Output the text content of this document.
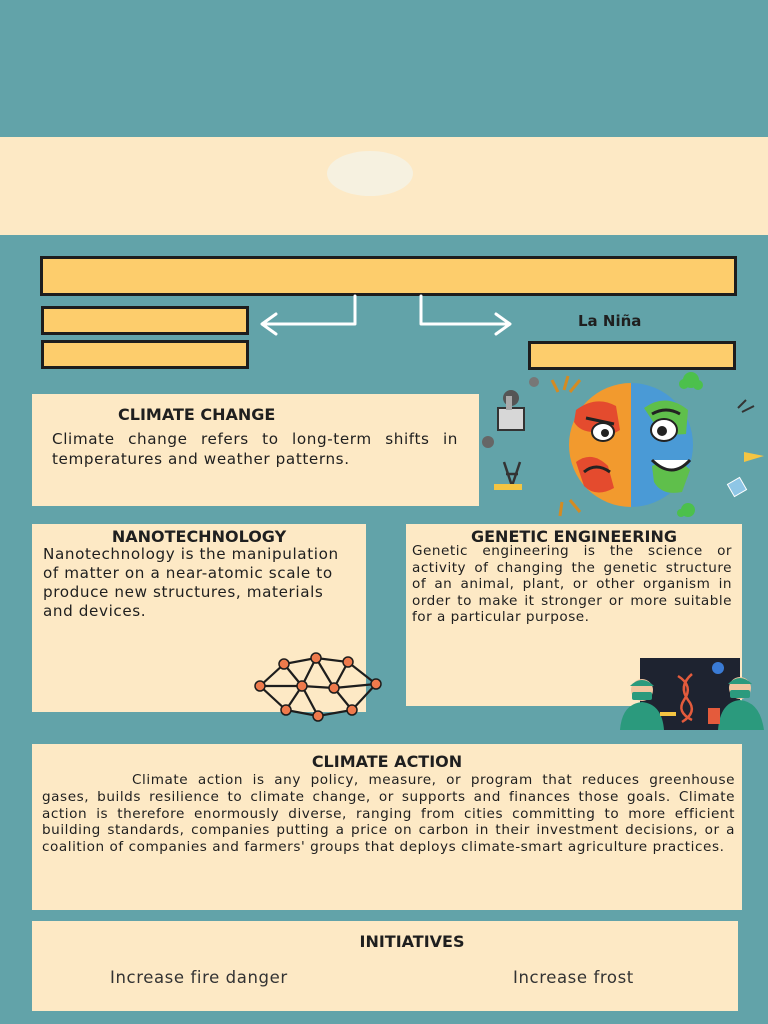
La Niña
CLIMATE CHANGE

Climate change refers to long-term shifts in temperatures and weather patterns.

NANOTECHNOLOGY

Nanotechnology is the manipulation of matter on a near-atomic scale to produce new structures, materials and devices.

GENETIC ENGINEERING

Genetic engineering is the science or activity of changing the genetic structure of an animal, plant, or other organism in order to make it stronger or more suitable for a particular purpose.

CLIMATE ACTION

Climate action is any policy, measure, or program that reduces greenhouse gases, builds resilience to climate change, or supports and finances those goals. Climate action is therefore enormously diverse, ranging from cities committing to more efficient building standards, companies putting a price on carbon in their investment decisions, or a coalition of companies and farmers' groups that deploys climate-smart agriculture practices.

INITIATIVES
Increase fire danger	Increase frost
